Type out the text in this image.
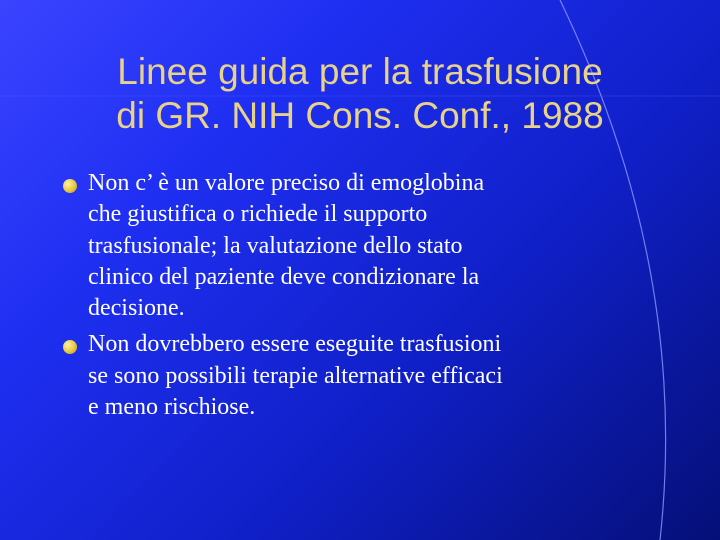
Linee guida per la trasfusione
di GR. NIH Cons. Conf., 1988
Non c’ è un valore preciso di emoglobina
che giustifica o richiede il supporto
trasfusionale; la valutazione dello stato
clinico del paziente deve condizionare la
decisione.
Non dovrebbero essere eseguite trasfusioni
se sono possibili terapie alternative efficaci
e meno rischiose.
